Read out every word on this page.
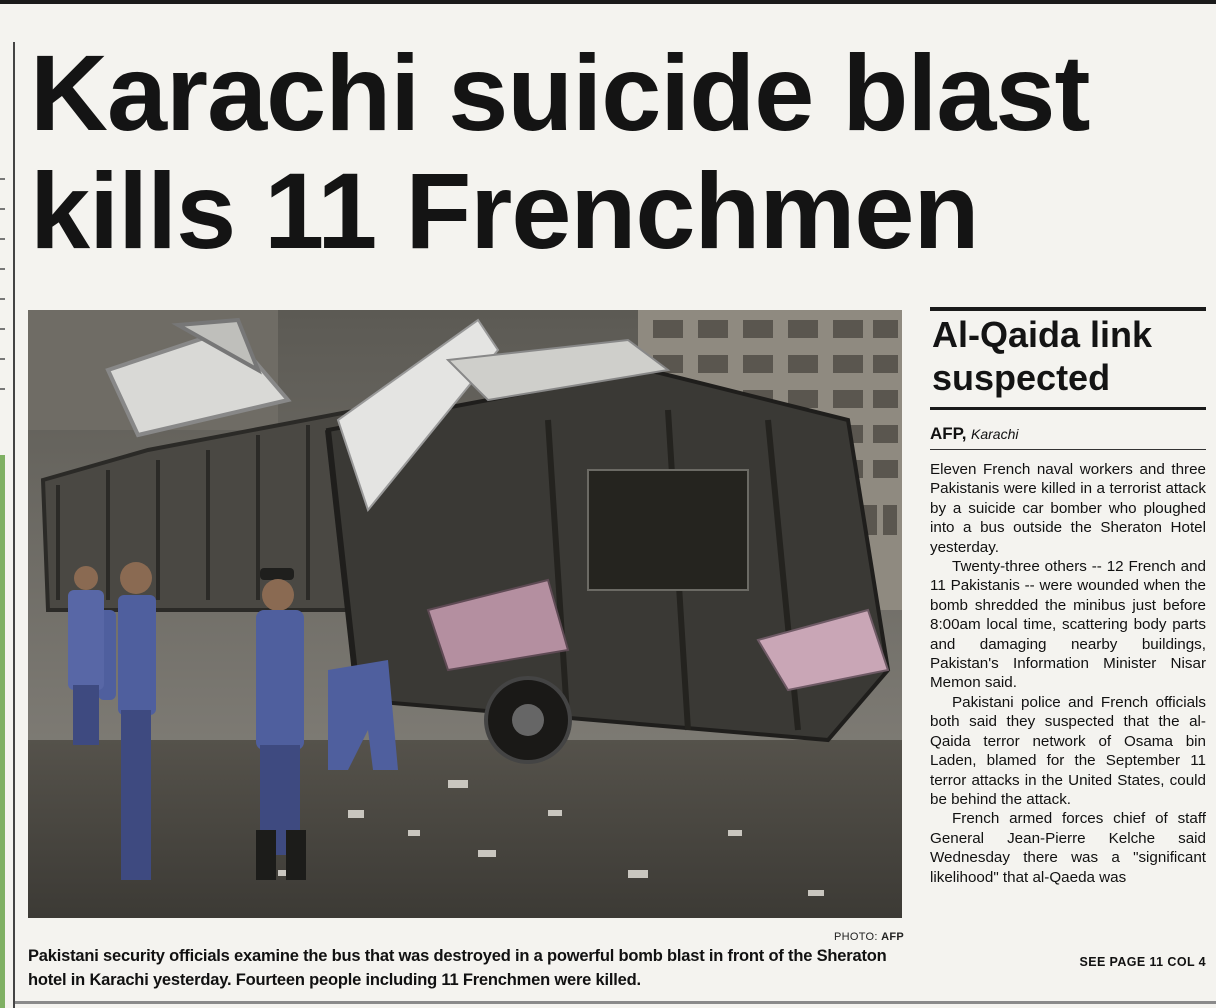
Karachi suicide blast
kills 11 Frenchmen
PHOTO: AFP

Pakistani security officials examine the bus that was destroyed in a powerful bomb blast in front of the Sheraton hotel in Karachi yesterday. Fourteen people including 11 Frenchmen were killed.

Al-Qaida link suspected
AFP, Karachi

Eleven French naval workers and three Pakistanis were killed in a terrorist attack by a suicide car bomber who ploughed into a bus outside the Sheraton Hotel yesterday.

Twenty-three others -- 12 French and 11 Pakistanis -- were wounded when the bomb shredded the minibus just before 8:00am local time, scattering body parts and damaging nearby buildings, Pakistan's Information Minister Nisar Memon said.

Pakistani police and French officials both said they suspected that the al-Qaida terror network of Osama bin Laden, blamed for the September 11 terror attacks in the United States, could be behind the attack.

French armed forces chief of staff General Jean-Pierre Kelche said Wednesday there was a "significant likelihood" that al-Qaeda was

SEE PAGE 11 COL 4
